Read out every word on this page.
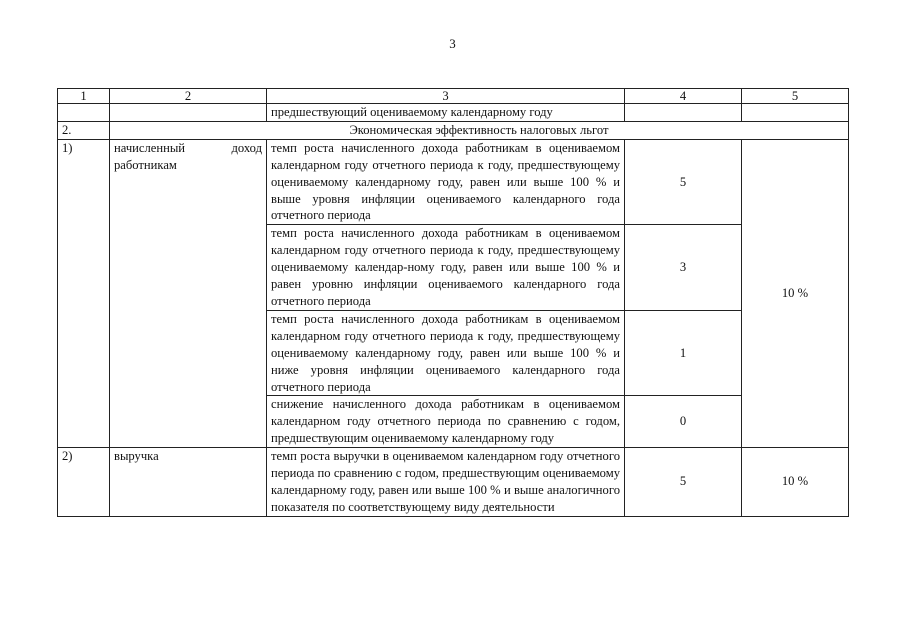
3
1	2	3	4	5
		предшествующий оцениваемому календарному году		
2.	Экономическая эффективность налоговых льгот			
1)	начисленный доход работникам	темп роста начисленного дохода работникам в оцениваемом календарном году отчетного периода к году, предшествующему оцениваемому календарному году, равен или выше 100 % и выше уровня инфляции оцениваемого календарного года отчетного периода	5	10 %
		темп роста начисленного дохода работникам в оцениваемом календарном году отчетного периода к году, предшествующему оцениваемому календар-ному году, равен или выше 100 % и равен уровню инфляции оцениваемого календарного года отчетного периода	3	
		темп роста начисленного дохода работникам в оцениваемом календарном году отчетного периода к году, предшествующему оцениваемому календарному году, равен или выше 100 % и ниже уровня инфляции оцениваемого календарного года отчетного периода	1	
		снижение начисленного дохода работникам в оцениваемом календарном году отчетного периода по сравнению с годом, предшествующим оцениваемому календарному году	0	
2)	выручка	темп роста выручки в оцениваемом календарном году отчетного периода по сравнению с годом, предшествующим оцениваемому календарному году, равен или выше 100 % и выше аналогичного показателя по соответствующему виду деятельности	5	10 %
